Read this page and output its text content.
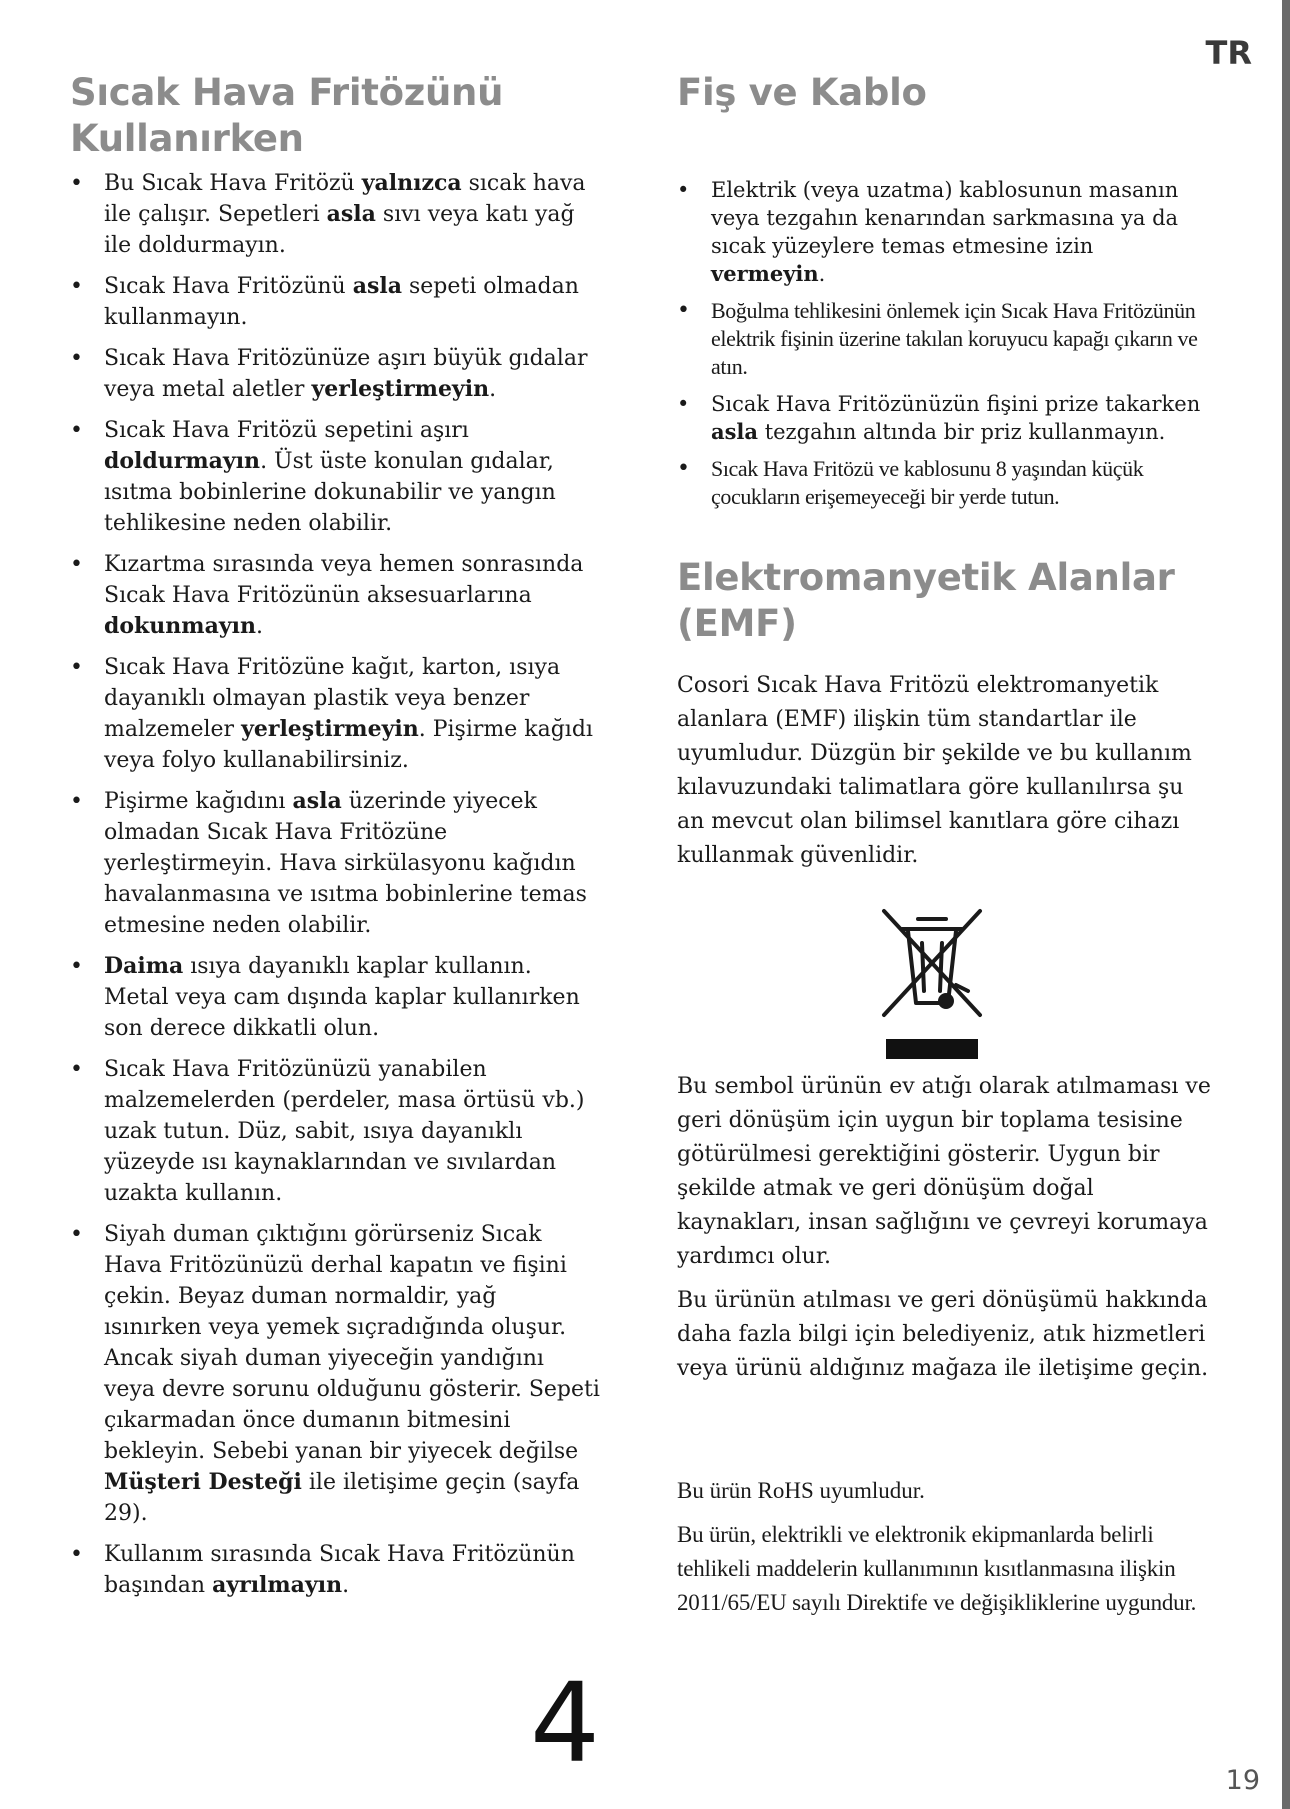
TR
Sıcak Hava Fritözünü
Kullanırken
• Bu Sıcak Hava Fritözü yalnızca sıcak hava ile çalışır. Sepetleri asla sıvı veya katı yağ ile doldurmayın.
• Sıcak Hava Fritözünü asla sepeti olmadan kullanmayın.
• Sıcak Hava Fritözünüze aşırı büyük gıdalar veya metal aletler yerleştirmeyin.
• Sıcak Hava Fritözü sepetini aşırı doldurmayın. Üst üste konulan gıdalar, ısıtma bobinlerine dokunabilir ve yangın tehlikesine neden olabilir.
• Kızartma sırasında veya hemen sonrasında Sıcak Hava Fritözünün aksesuarlarına dokunmayın.
• Sıcak Hava Fritözüne kağıt, karton, ısıya dayanıklı olmayan plastik veya benzer malzemeler yerleştirmeyin. Pişirme kağıdı veya folyo kullanabilirsiniz.
• Pişirme kağıdını asla üzerinde yiyecek olmadan Sıcak Hava Fritözüne yerleştirmeyin. Hava sirkülasyonu kağıdın havalanmasına ve ısıtma bobinlerine temas etmesine neden olabilir.
• Daima ısıya dayanıklı kaplar kullanın. Metal veya cam dışında kaplar kullanırken son derece dikkatli olun.
• Sıcak Hava Fritözünüzü yanabilen malzemelerden (perdeler, masa örtüsü vb.) uzak tutun. Düz, sabit, ısıya dayanıklı yüzeyde ısı kaynaklarından ve sıvılardan uzakta kullanın.
• Siyah duman çıktığını görürseniz Sıcak Hava Fritözünüzü derhal kapatın ve fişini çekin. Beyaz duman normaldir, yağ ısınırken veya yemek sıçradığında oluşur. Ancak siyah duman yiyeceğin yandığını veya devre sorunu olduğunu gösterir. Sepeti çıkarmadan önce dumanın bitmesini bekleyin. Sebebi yanan bir yiyecek değilse Müşteri Desteği ile iletişime geçin (sayfa 29).
• Kullanım sırasında Sıcak Hava Fritözünün başından ayrılmayın.
Fiş ve Kablo
• Elektrik (veya uzatma) kablosunun masanın veya tezgahın kenarından sarkmasına ya da sıcak yüzeylere temas etmesine izin vermeyin.
• Boğulma tehlikesini önlemek için Sıcak Hava Fritözünün elektrik fişinin üzerine takılan koruyucu kapağı çıkarın ve atın.
• Sıcak Hava Fritözünüzün fişini prize takarken asla tezgahın altında bir priz kullanmayın.
• Sıcak Hava Fritözü ve kablosunu 8 yaşından küçük çocukların erişemeyeceği bir yerde tutun.
Elektromanyetik Alanlar (EMF)

Cosori Sıcak Hava Fritözü elektromanyetik alanlara (EMF) ilişkin tüm standartlar ile uyumludur. Düzgün bir şekilde ve bu kullanım kılavuzundaki talimatlara göre kullanılırsa şu an mevcut olan bilimsel kanıtlara göre cihazı kullanmak güvenlidir.

Bu sembol ürünün ev atığı olarak atılmaması ve geri dönüşüm için uygun bir toplama tesisine götürülmesi gerektiğini gösterir. Uygun bir şekilde atmak ve geri dönüşüm doğal kaynakları, insan sağlığını ve çevreyi korumaya yardımcı olur.

Bu ürünün atılması ve geri dönüşümü hakkında daha fazla bilgi için belediyeniz, atık hizmetleri veya ürünü aldığınız mağaza ile iletişime geçin.

Bu ürün RoHS uyumludur.

Bu ürün, elektrikli ve elektronik ekipmanlarda belirli tehlikeli maddelerin kullanımının kısıtlanmasına ilişkin 2011/65/EU sayılı Direktife ve değişikliklerine uygundur.

4	19
